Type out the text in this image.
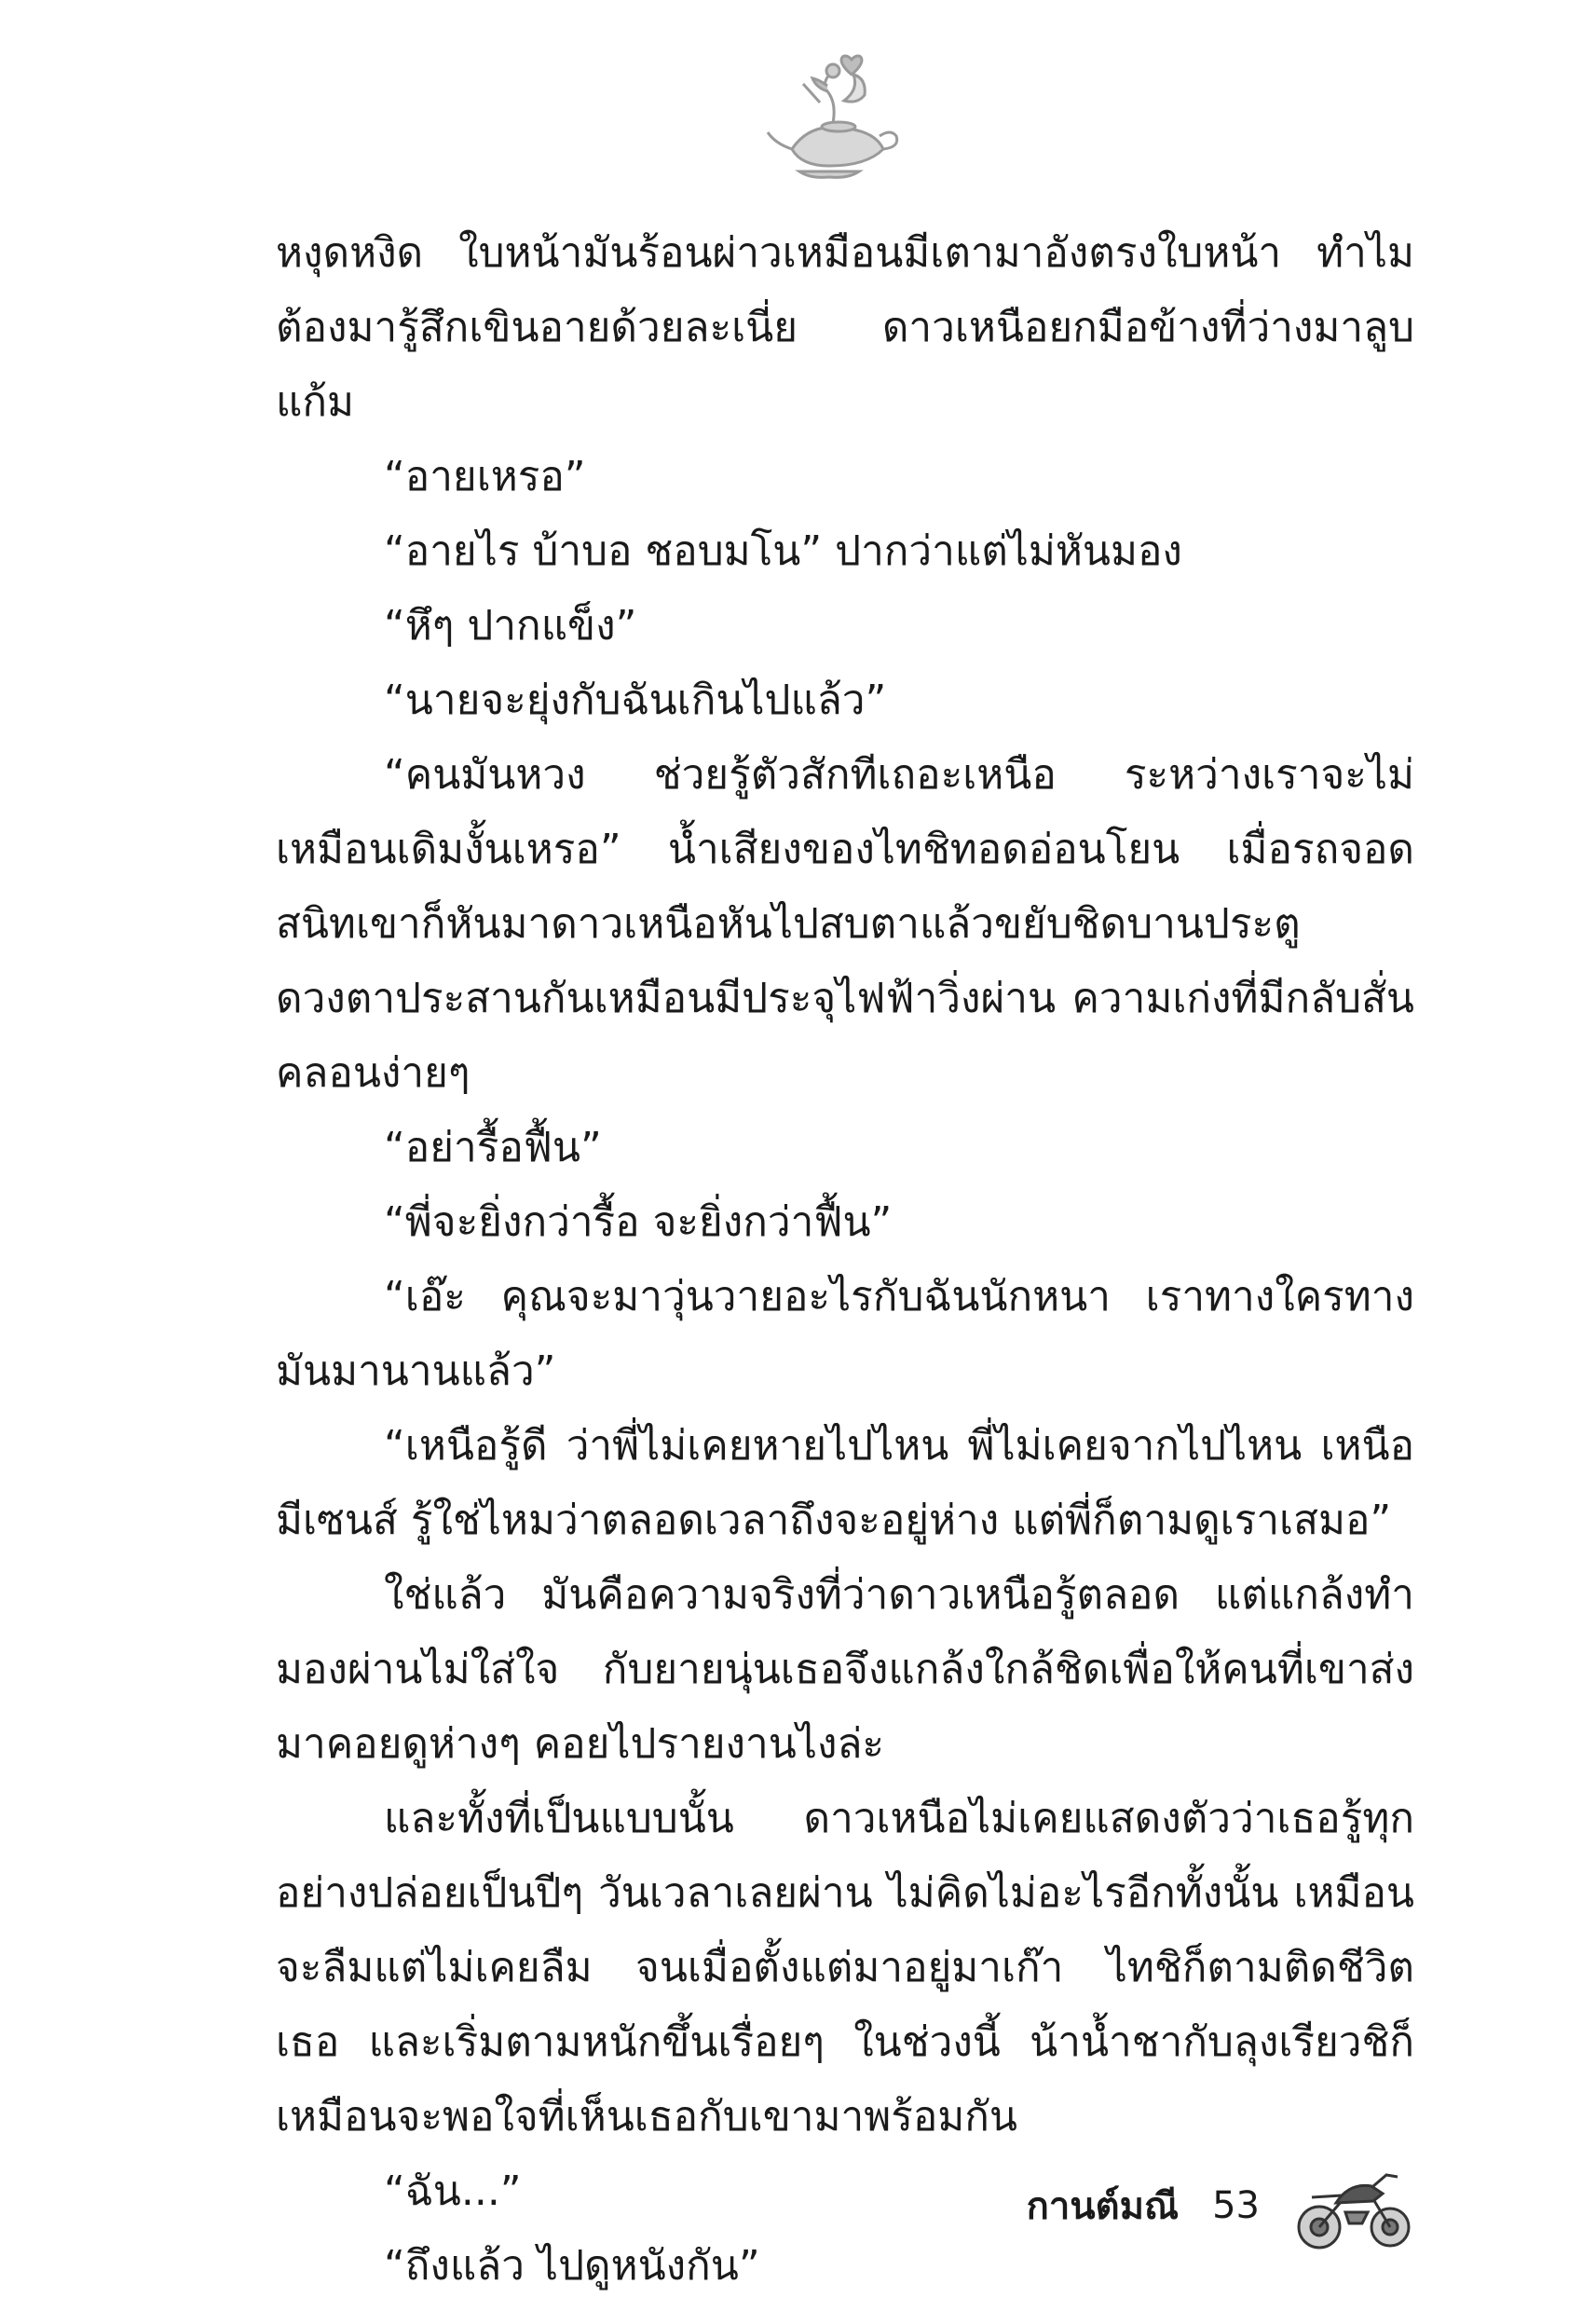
หงุดหงิด ใบหน้ามันร้อนผ่าวเหมือนมีเตามาอังตรงใบหน้า ทำไมต้องมารู้สึกเขินอายด้วยละเนี่ย ดาวเหนือยกมือข้างที่ว่างมาลูบแก้ม

“อายเหรอ”

“อายไร บ้าบอ ชอบมโน” ปากว่าแต่ไม่หันมอง

“หึๆ ปากแข็ง”

“นายจะยุ่งกับฉันเกินไปแล้ว”

“คนมันหวง ช่วยรู้ตัวสักทีเถอะเหนือ ระหว่างเราจะไม่เหมือนเดิมงั้นเหรอ” น้ำเสียงของไทชิทอดอ่อนโยน เมื่อรถจอดสนิทเขาก็หันมาดาวเหนือหันไปสบตาแล้วขยับชิดบานประตู ดวงตาประสานกันเหมือนมีประจุไฟฟ้าวิ่งผ่าน ความเก่งที่มีกลับสั่นคลอนง่ายๆ

“อย่ารื้อฟื้น”

“พี่จะยิ่งกว่ารื้อ จะยิ่งกว่าฟื้น”

“เอ๊ะ คุณจะมาวุ่นวายอะไรกับฉันนักหนา เราทางใครทางมันมานานแล้ว”

“เหนือรู้ดี ว่าพี่ไม่เคยหายไปไหน พี่ไม่เคยจากไปไหน เหนือมีเซนส์ รู้ใช่ไหมว่าตลอดเวลาถึงจะอยู่ห่าง แต่พี่ก็ตามดูเราเสมอ”

ใช่แล้ว มันคือความจริงที่ว่าดาวเหนือรู้ตลอด แต่แกล้งทำมองผ่านไม่ใส่ใจ กับยายนุ่นเธอจึงแกล้งใกล้ชิดเพื่อให้คนที่เขาส่งมาคอยดูห่างๆ คอยไปรายงานไงล่ะ

และทั้งที่เป็นแบบนั้น ดาวเหนือไม่เคยแสดงตัวว่าเธอรู้ทุกอย่างปล่อยเป็นปีๆ วันเวลาเลยผ่าน ไม่คิดไม่อะไรอีกทั้งนั้น เหมือนจะลืมแต่ไม่เคยลืม จนเมื่อตั้งแต่มาอยู่มาเก๊า ไทชิก็ตามติดชีวิตเธอ และเริ่มตามหนักขึ้นเรื่อยๆ ในช่วงนี้ น้าน้ำชากับลุงเรียวชิก็เหมือนจะพอใจที่เห็นเธอกับเขามาพร้อมกัน

“ฉัน...”

“ถึงแล้ว ไปดูหนังกัน”

กานต์มณี 53
